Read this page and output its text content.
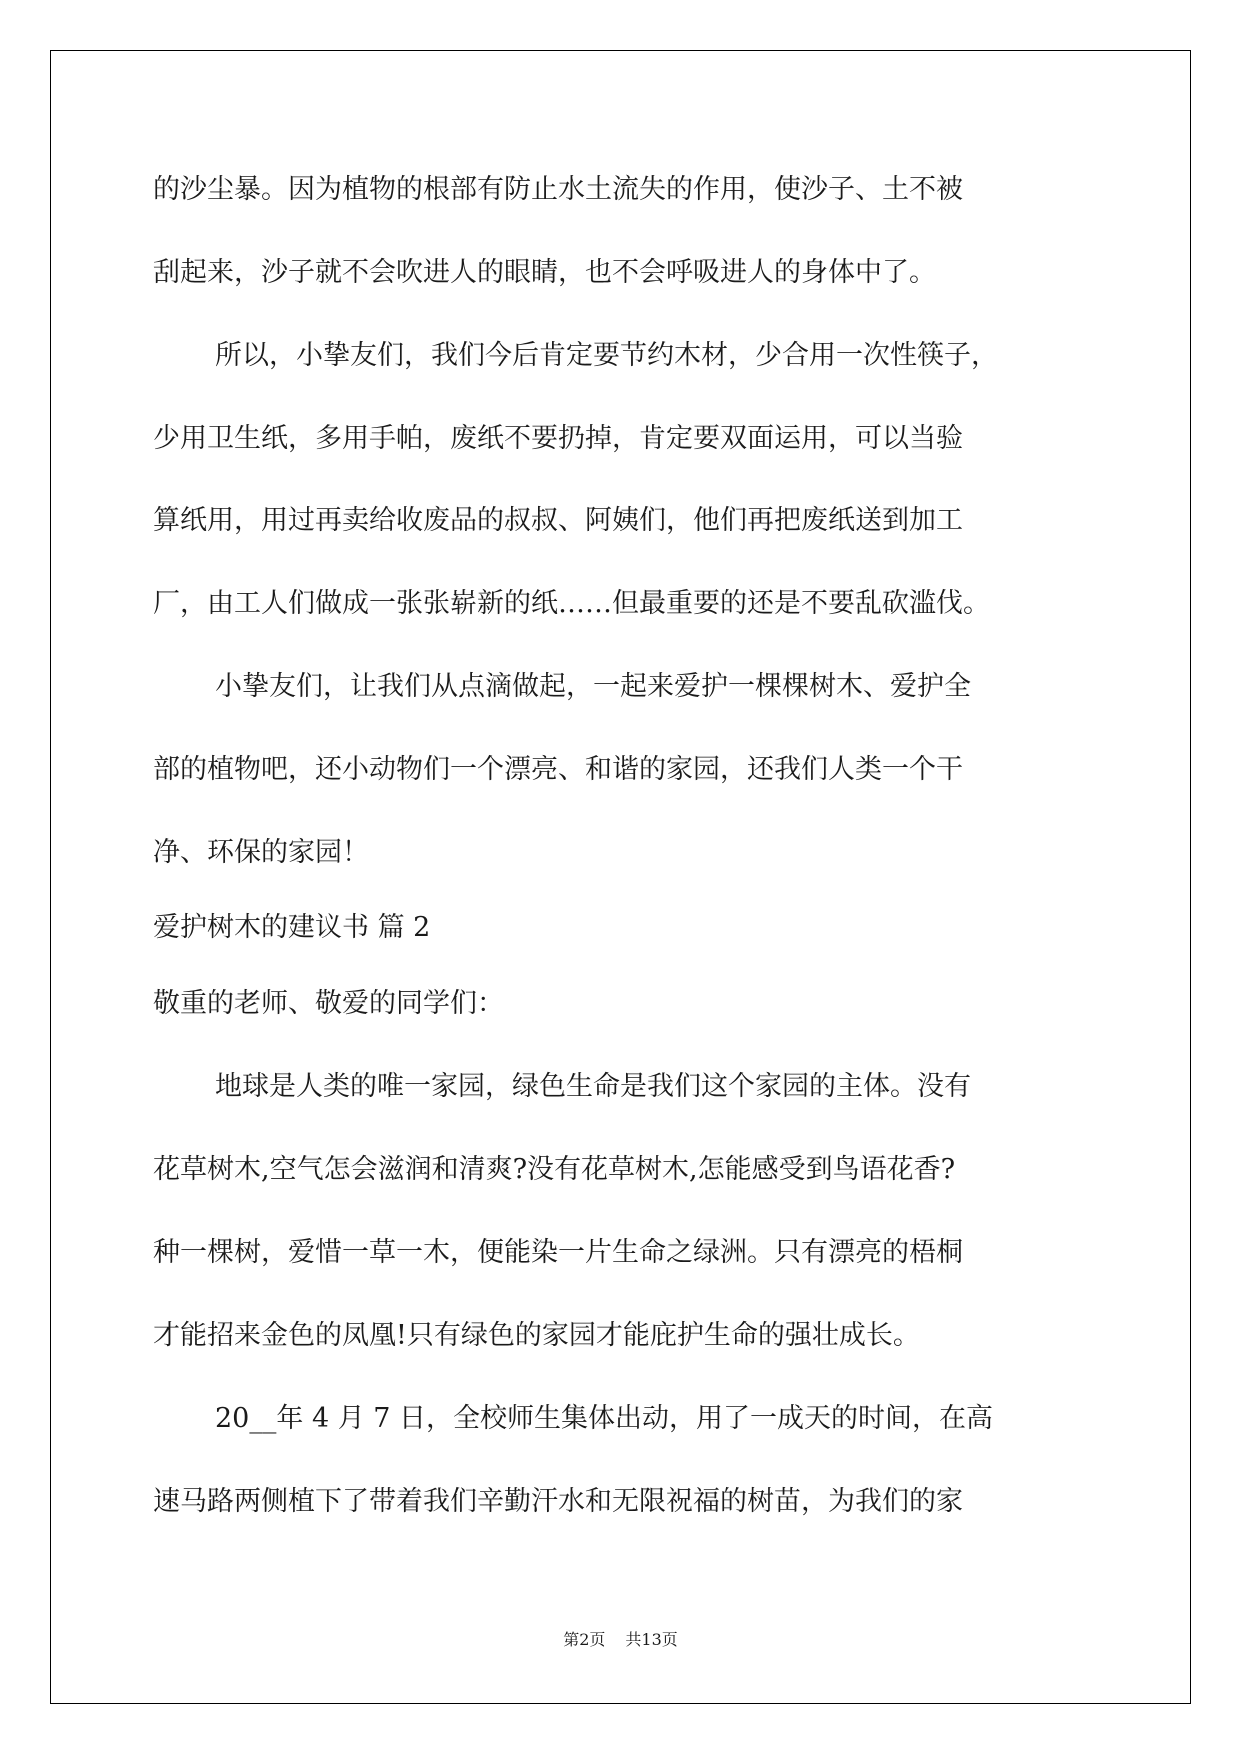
的沙尘暴。因为植物的根部有防止水土流失的作用，使沙子、土不被

刮起来，沙子就不会吹进人的眼睛，也不会呼吸进人的身体中了。

所以，小挚友们，我们今后肯定要节约木材，少合用一次性筷子，

少用卫生纸，多用手帕，废纸不要扔掉，肯定要双面运用，可以当验

算纸用，用过再卖给收废品的叔叔、阿姨们，他们再把废纸送到加工

厂，由工人们做成一张张崭新的纸……但最重要的还是不要乱砍滥伐。

小挚友们，让我们从点滴做起，一起来爱护一棵棵树木、爱护全

部的植物吧，还小动物们一个漂亮、和谐的家园，还我们人类一个干

净、环保的家园！

爱护树木的建议书 篇 2

敬重的老师、敬爱的同学们：

地球是人类的唯一家园，绿色生命是我们这个家园的主体。没有

花草树木,空气怎会滋润和清爽?没有花草树木,怎能感受到鸟语花香?

种一棵树，爱惜一草一木，便能染一片生命之绿洲。只有漂亮的梧桐

才能招来金色的凤凰!只有绿色的家园才能庇护生命的强壮成长。

20__年 4 月 7 日，全校师生集体出动，用了一成天的时间，在高

速马路两侧植下了带着我们辛勤汗水和无限祝福的树苗，为我们的家

第2页 共13页
